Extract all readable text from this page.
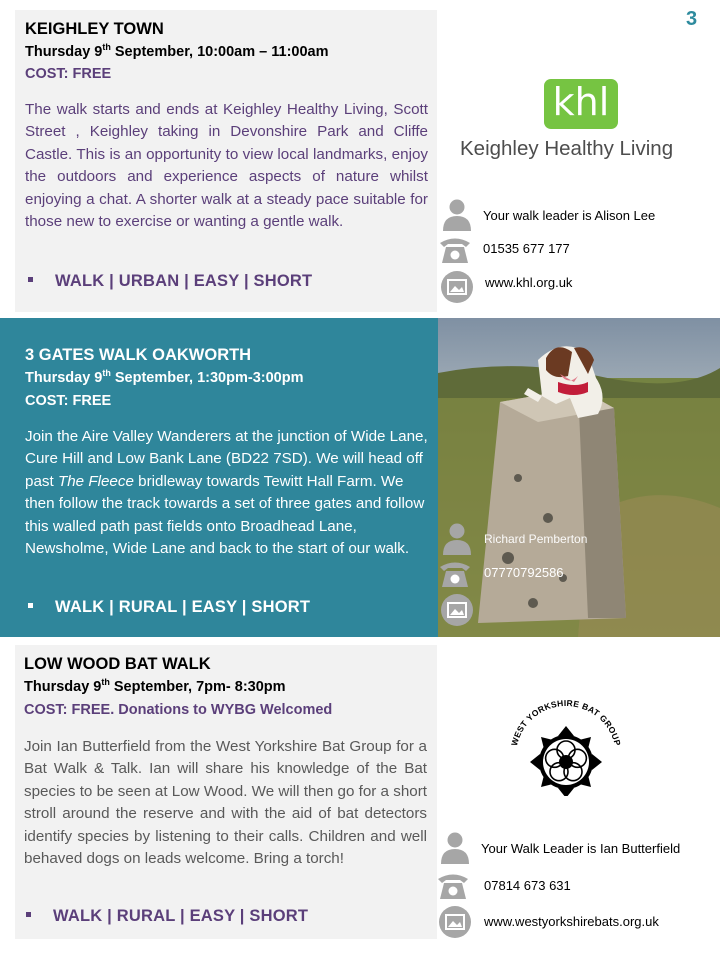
3
KEIGHLEY TOWN
Thursday 9th September, 10:00am – 11:00am
COST: FREE
The walk starts and ends at Keighley Healthy Living, Scott Street , Keighley taking in Devonshire Park and Cliffe Castle. This is an opportunity to view local landmarks, enjoy the outdoors and experience aspects of nature whilst enjoying a chat. A shorter walk at a steady pace suitable for those new to exercise or wanting a gentle walk.
WALK | URBAN | EASY | SHORT
khl
Keighley Healthy Living
Your walk leader is Alison Lee
01535 677 177
www.khl.org.uk
3 GATES WALK OAKWORTH
Thursday 9th September, 1:30pm-3:00pm
COST: FREE
Join the Aire Valley Wanderers at the junction of Wide Lane, Cure Hill and Low Bank Lane (BD22 7SD). We will head off past The Fleece bridleway towards Tewitt Hall Farm. We then follow the track towards a set of three gates and follow this walled path past fields onto Broadhead Lane, Newsholme, Wide Lane and back to the start of our walk.
WALK | RURAL | EASY | SHORT
Richard Pemberton
07770792586
LOW WOOD BAT WALK
Thursday 9th September, 7pm- 8:30pm
COST: FREE. Donations to WYBG Welcomed
Join Ian Butterfield from the West Yorkshire Bat Group for a Bat Walk & Talk. Ian will share his knowledge of the Bat species to be seen at Low Wood. We will then go for a short stroll around the reserve and with the aid of bat detectors identify species by listening to their calls. Children and well behaved dogs on leads welcome. Bring a torch!
WALK | RURAL | EASY | SHORT
WEST YORKSHIRE BAT GROUP
Your Walk Leader is Ian Butterfield
07814 673 631
www.westyorkshirebats.org.uk
